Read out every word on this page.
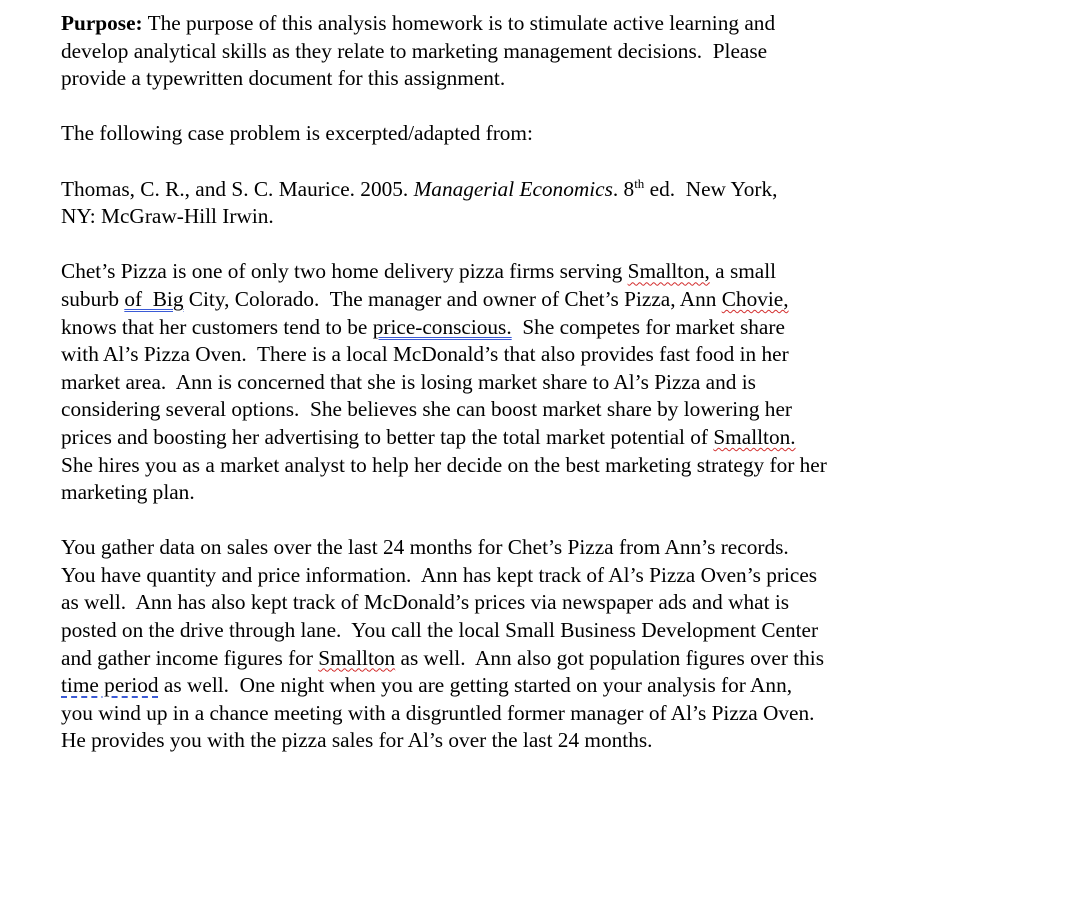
Purpose: The purpose of this analysis homework is to stimulate active learning and
develop analytical skills as they relate to marketing management decisions.  Please
provide a typewritten document for this assignment.
The following case problem is excerpted/adapted from:
Thomas, C. R., and S. C. Maurice. 2005. Managerial Economics. 8th ed.  New York,
NY: McGraw-Hill Irwin.
Chet’s Pizza is one of only two home delivery pizza firms serving Smallton, a small
suburb of  Big City, Colorado.  The manager and owner of Chet’s Pizza, Ann Chovie,
knows that her customers tend to be price-conscious.  She competes for market share
with Al’s Pizza Oven.  There is a local McDonald’s that also provides fast food in her
market area.  Ann is concerned that she is losing market share to Al’s Pizza and is
considering several options.  She believes she can boost market share by lowering her
prices and boosting her advertising to better tap the total market potential of Smallton.
She hires you as a market analyst to help her decide on the best marketing strategy for her
marketing plan.
You gather data on sales over the last 24 months for Chet’s Pizza from Ann’s records.
You have quantity and price information.  Ann has kept track of Al’s Pizza Oven’s prices
as well.  Ann has also kept track of McDonald’s prices via newspaper ads and what is
posted on the drive through lane.  You call the local Small Business Development Center
and gather income figures for Smallton as well.  Ann also got population figures over this
time period as well.  One night when you are getting started on your analysis for Ann,
you wind up in a chance meeting with a disgruntled former manager of Al’s Pizza Oven.
He provides you with the pizza sales for Al’s over the last 24 months.
